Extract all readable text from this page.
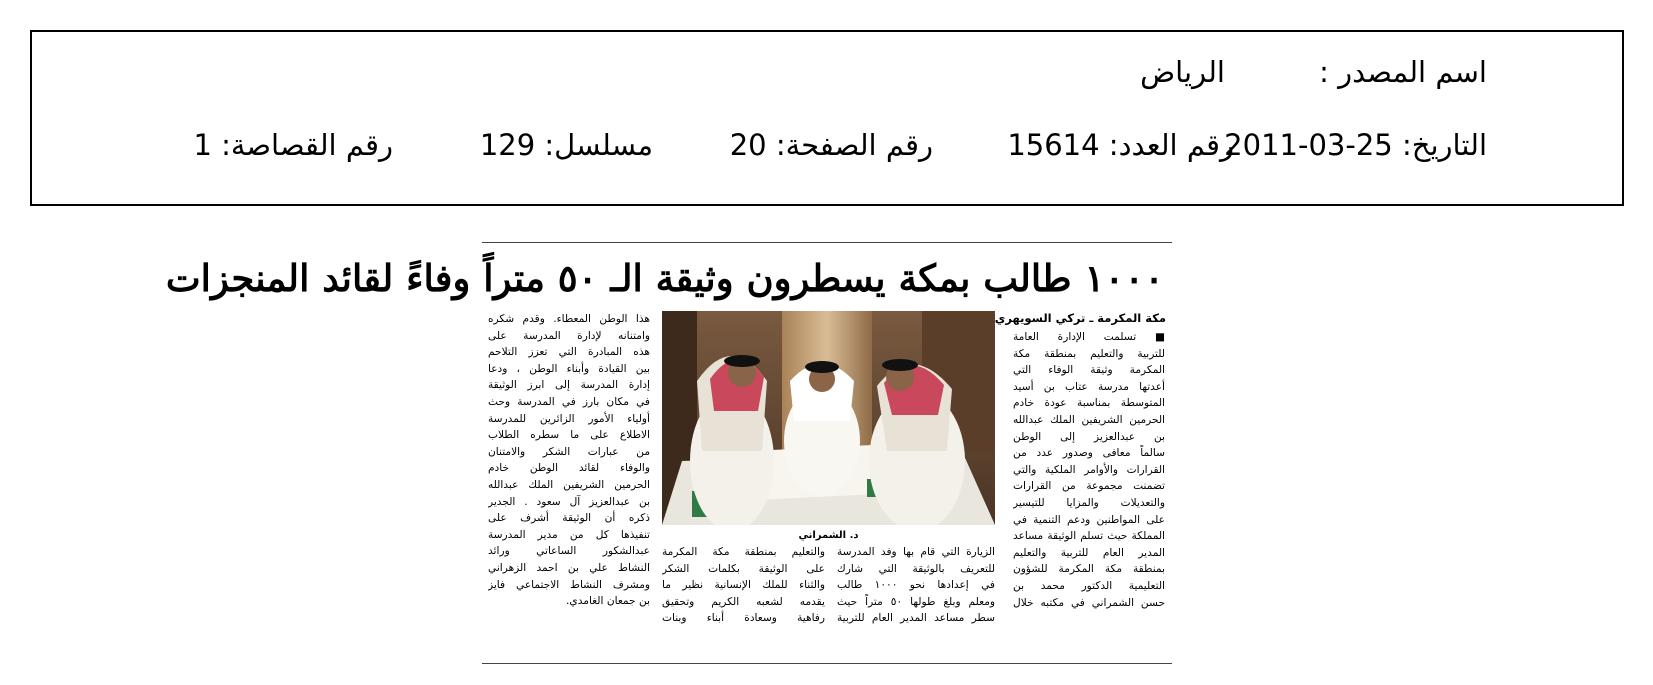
اسم المصدر :
الرياض
التاريخ: 25-03-2011
رقم العدد: 15614
رقم الصفحة: 20
مسلسل: 129
رقم القصاصة: 1
١٠٠٠ طالب بمكة يسطرون وثيقة الـ ٥٠ متراً وفاءً لقائد المنجزات
مكة المكرمة ـ تركي السويهري
■ تسلمت الإدارة العامة
للتربية والتعليم بمنطقة مكة
المكرمة وثيقة الوفاء التي
أعدتها مدرسة عتاب بن أسيد
المتوسطة بمناسبة عودة خادم
الحرمين الشريفين الملك عبدالله
بن عبدالعزيز إلى الوطن
سالماً معافى وصدور عدد من
القرارات والأوامر الملكية والتي
تضمنت مجموعة من القرارات
والتعديلات والمزايا للتيسير
على المواطنين ودعم التنمية في
المملكة حيث تسلم الوثيقة مساعد
المدير العام للتربية والتعليم
بمنطقة مكة المكرمة للشؤون
التعليمية الدكتور محمد بن
حسن الشمراني في مكتبه خلال
د. الشمراني
الزيارة التي قام بها وفد المدرسة
للتعريف بالوثيقة التي شارك
في إعدادها نحو ١٠٠٠ طالب
ومعلم وبلغ طولها ٥٠ متراً حيث
سطر مساعد المدير العام للتربية
والتعليم بمنطقة مكة المكرمة
على الوثيقة بكلمات الشكر
والثناء للملك الإنسانية نظير ما
يقدمه لشعبه الكريم وتحقيق
رفاهية وسعادة أبناء وبنات
هذا الوطن المعطاء. وقدم شكره
وامتنانه لإدارة المدرسة على
هذه المبادرة التي تعزز التلاحم
بين القيادة وأبناء الوطن ، ودعا
إدارة المدرسة إلى ابرز الوثيقة
في مكان بارز في المدرسة وحث
أولياء الأمور الزائرين للمدرسة
الاطلاع على ما سطره الطلاب
من عبارات الشكر والامتنان
والوفاء لقائد الوطن خادم
الحرمين الشريفين الملك عبدالله
بن عبدالعزيز آل سعود . الجدير
ذكره أن الوثيقة أشرف على
تنفيذها كل من مدير المدرسة
عبدالشكور الساعاتي ورائد
النشاط علي بن احمد الزهراني
ومشرف النشاط الاجتماعي فايز
بن جمعان الغامدي.
